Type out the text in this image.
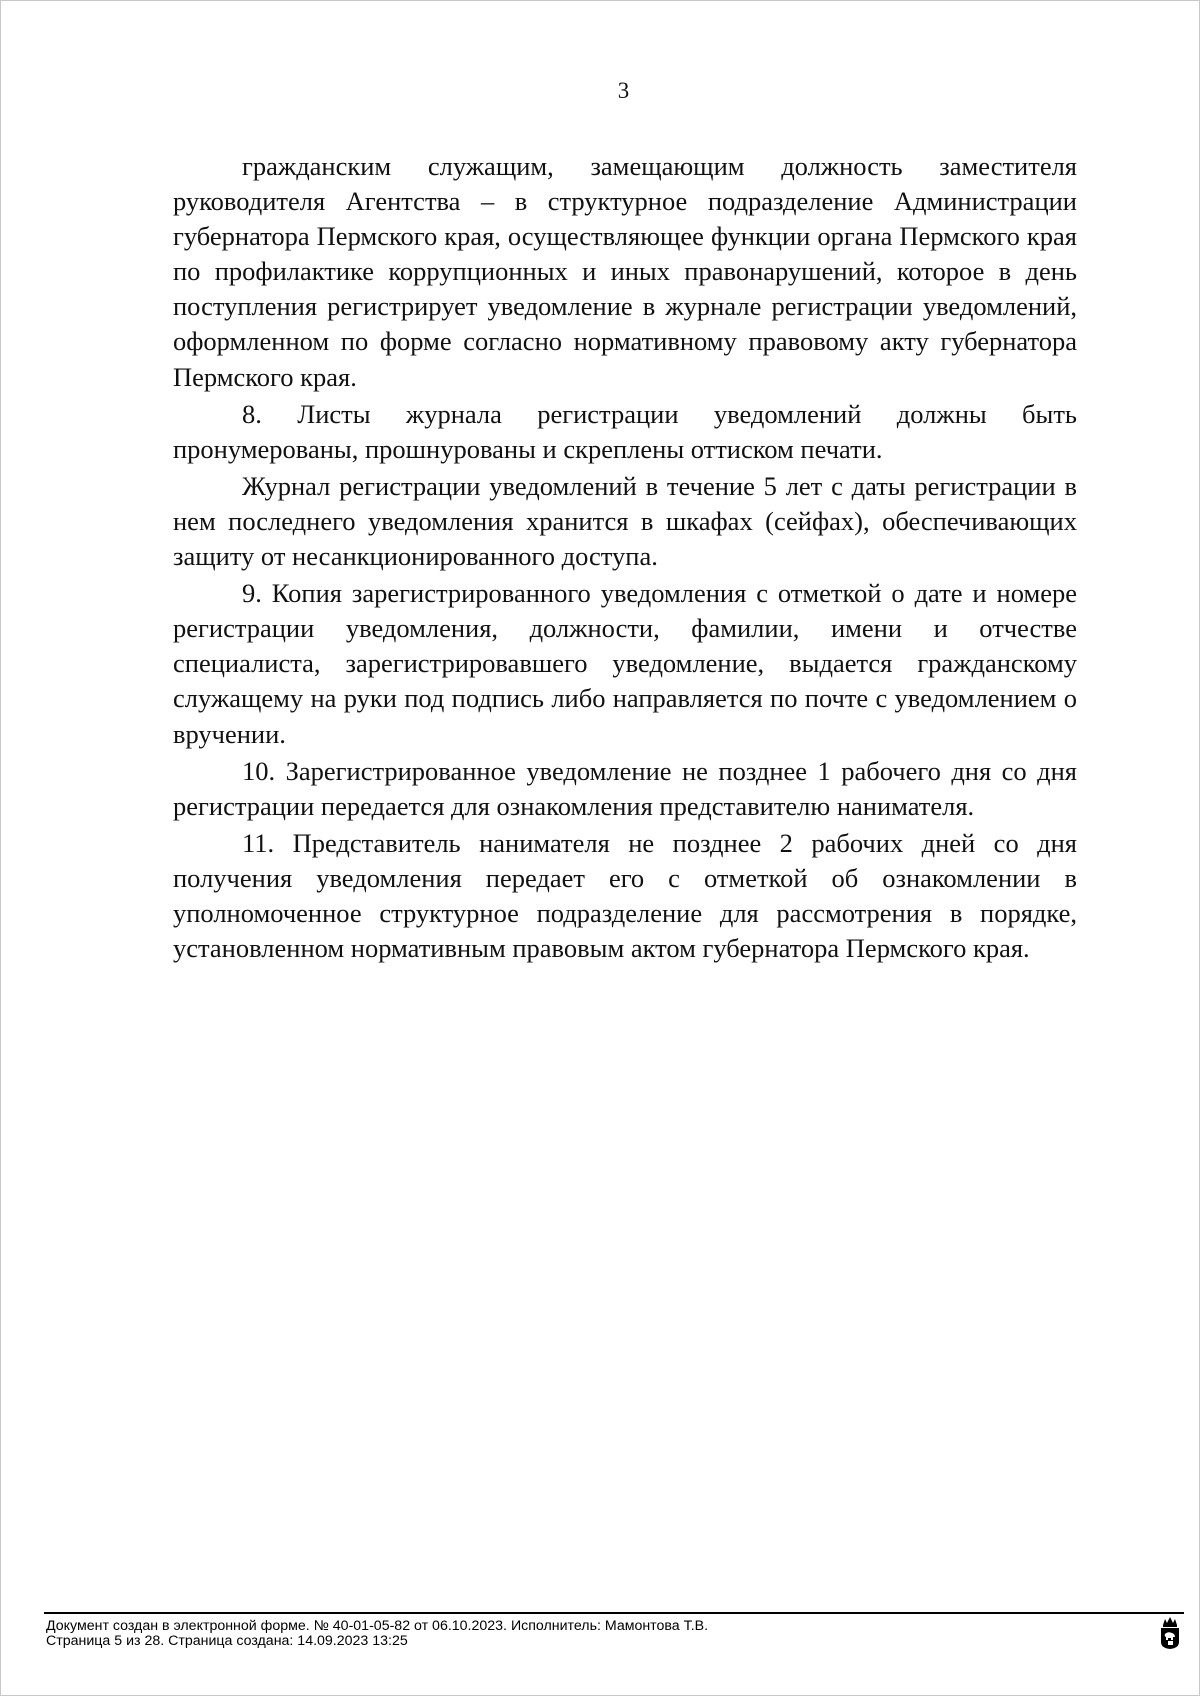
3

гражданским служащим, замещающим должность заместителя руководителя Агентства – в структурное подразделение Администрации губернатора Пермского края, осуществляющее функции органа Пермского края по профилактике коррупционных и иных правонарушений, которое в день поступления регистрирует уведомление в журнале регистрации уведомлений, оформленном по форме согласно нормативному правовому акту губернатора Пермского края.

8. Листы журнала регистрации уведомлений должны быть пронумерованы, прошнурованы и скреплены оттиском печати.

Журнал регистрации уведомлений в течение 5 лет с даты регистрации в нем последнего уведомления хранится в шкафах (сейфах), обеспечивающих защиту от несанкционированного доступа.

9. Копия зарегистрированного уведомления с отметкой о дате и номере регистрации уведомления, должности, фамилии, имени и отчестве специалиста, зарегистрировавшего уведомление, выдается гражданскому служащему на руки под подпись либо направляется по почте с уведомлением о вручении.

10. Зарегистрированное уведомление не позднее 1 рабочего дня со дня регистрации передается для ознакомления представителю нанимателя.

11. Представитель нанимателя не позднее 2 рабочих дней со дня получения уведомления передает его с отметкой об ознакомлении в уполномоченное структурное подразделение для рассмотрения в порядке, установленном нормативным правовым актом губернатора Пермского края.

Документ создан в электронной форме. № 40-01-05-82 от 06.10.2023. Исполнитель: Мамонтова Т.В.
Страница 5 из 28. Страница создана: 14.09.2023 13:25
